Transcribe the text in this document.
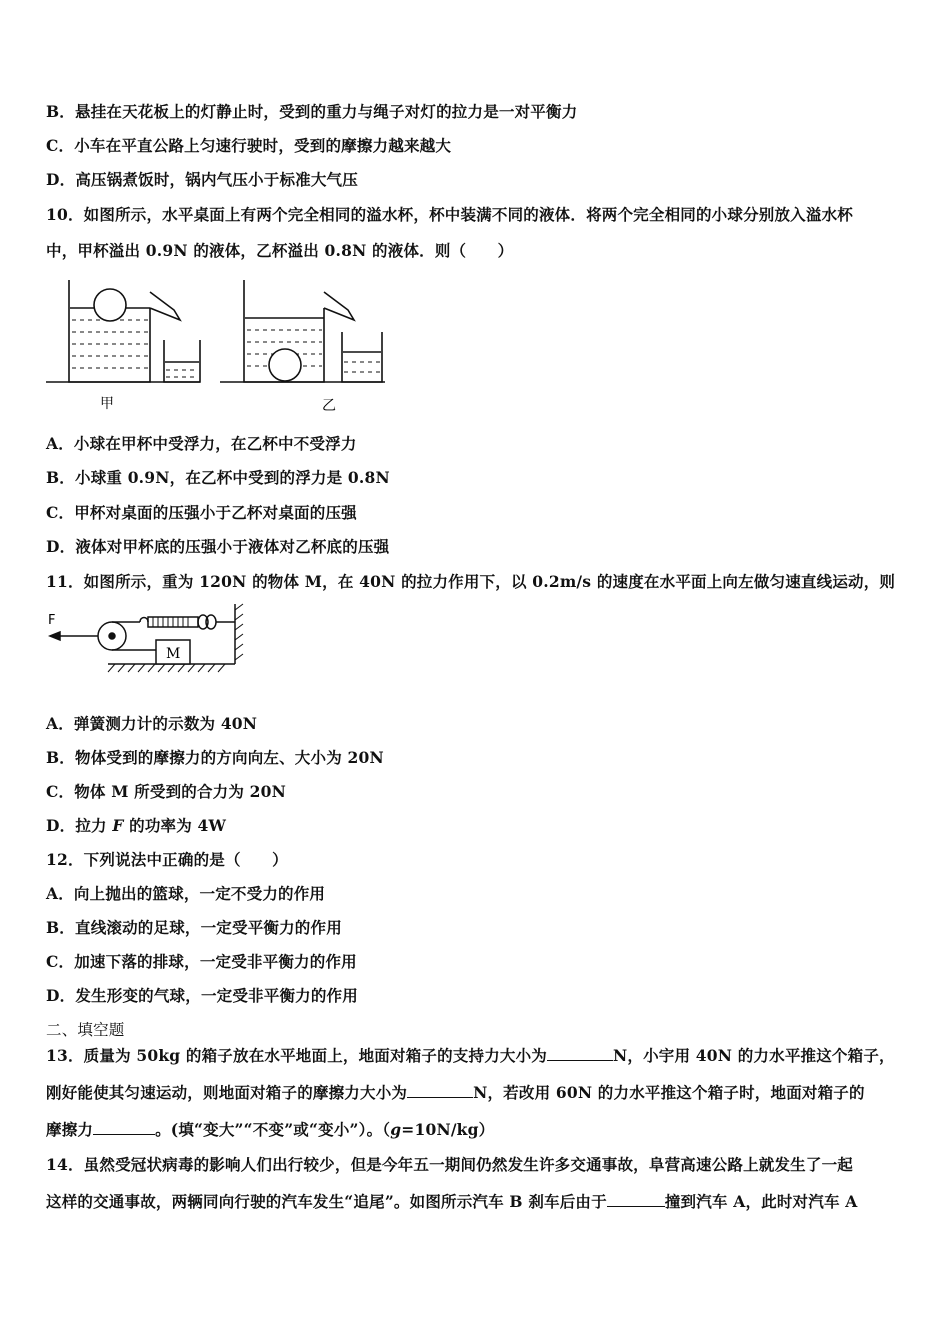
B．悬挂在天花板上的灯静止时，受到的重力与绳子对灯的拉力是一对平衡力
C．小车在平直公路上匀速行驶时，受到的摩擦力越来越大
D．高压锅煮饭时，锅内气压小于标准大气压
10．如图所示，水平桌面上有两个完全相同的溢水杯，杯中装满不同的液体．将两个完全相同的小球分别放入溢水杯
中，甲杯溢出 0.9N 的液体，乙杯溢出 0.8N 的液体．则（　　）
甲	乙
A．小球在甲杯中受浮力，在乙杯中不受浮力
B．小球重 0.9N，在乙杯中受到的浮力是 0.8N
C．甲杯对桌面的压强小于乙杯对桌面的压强
D．液体对甲杯底的压强小于液体对乙杯底的压强
11．如图所示，重为 120N 的物体 M，在 40N 的拉力作用下，以 0.2m/s 的速度在水平面上向左做匀速直线运动，则
F
M
A．弹簧测力计的示数为 40N
B．物体受到的摩擦力的方向向左、大小为 20N
C．物体 M 所受到的合力为 20N
D．拉力 F 的功率为 4W
12．下列说法中正确的是（　　）
A．向上抛出的篮球，一定不受力的作用
B．直线滚动的足球，一定受平衡力的作用
C．加速下落的排球，一定受非平衡力的作用
D．发生形变的气球，一定受非平衡力的作用
二、填空题
13．质量为 50kg 的箱子放在水平地面上，地面对箱子的支持力大小为	N，小宇用 40N 的力水平推这个箱子，
刚好能使其匀速运动，则地面对箱子的摩擦力大小为	N，若改用 60N 的力水平推这个箱子时，地面对箱子的
摩擦力	。(填“变大”“不变”或“变小”）。（g=10N/kg）
14．虽然受冠状病毒的影响人们出行较少，但是今年五一期间仍然发生许多交通事故，阜营高速公路上就发生了一起
这样的交通事故，两辆同向行驶的汽车发生“追尾”。如图所示汽车 B 刹车后由于	撞到汽车 A，此时对汽车 A
